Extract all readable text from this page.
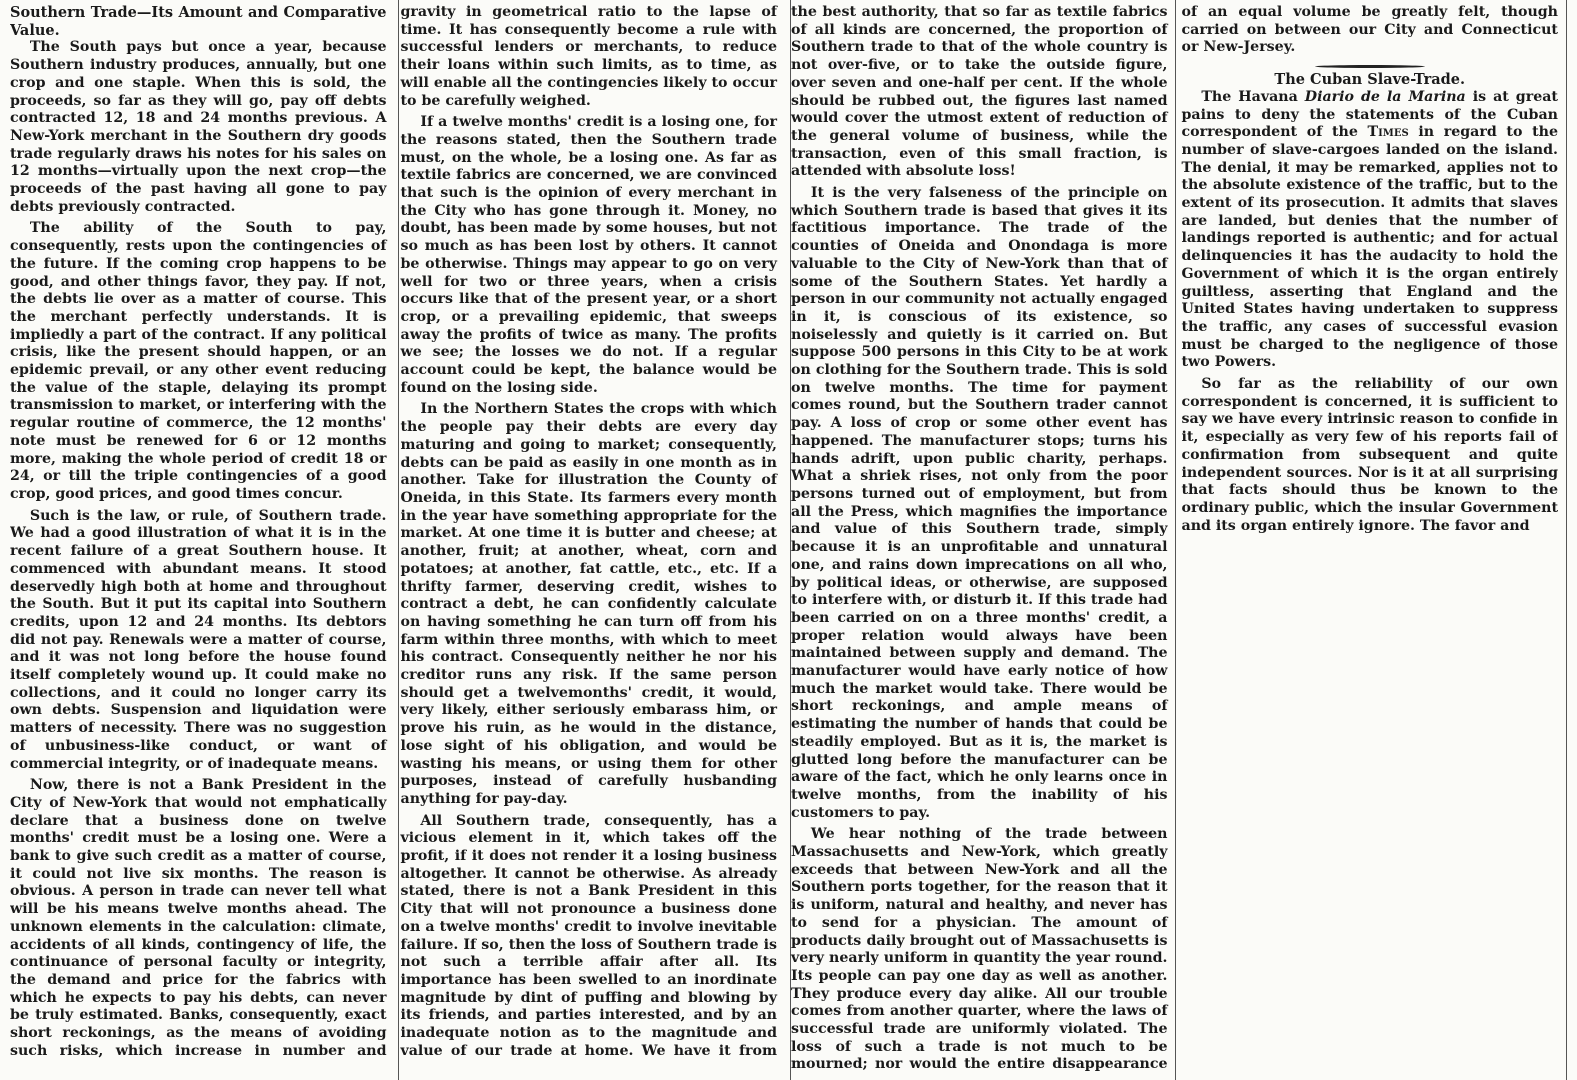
Southern Trade—Its Amount and Comparative Value.

The South pays but once a year, because Southern industry produces, annually, but one crop and one staple. When this is sold, the proceeds, so far as they will go, pay off debts contracted 12, 18 and 24 months previous. A New-York merchant in the Southern dry goods trade regularly draws his notes for his sales on 12 months—virtually upon the next crop—the proceeds of the past having all gone to pay debts previously contracted.

The ability of the South to pay, consequently, rests upon the contingencies of the future. If the coming crop happens to be good, and other things favor, they pay. If not, the debts lie over as a matter of course. This the merchant perfectly understands. It is impliedly a part of the contract. If any political crisis, like the present should happen, or an epidemic prevail, or any other event reducing the value of the staple, delaying its prompt transmission to market, or interfering with the regular routine of commerce, the 12 months' note must be renewed for 6 or 12 months more, making the whole period of credit 18 or 24, or till the triple contingencies of a good crop, good prices, and good times concur.

Such is the law, or rule, of Southern trade. We had a good illustration of what it is in the recent failure of a great Southern house. It commenced with abundant means. It stood deservedly high both at home and throughout the South. But it put its capital into Southern credits, upon 12 and 24 months. Its debtors did not pay. Renewals were a matter of course, and it was not long before the house found itself completely wound up. It could make no collections, and it could no longer carry its own debts. Suspension and liquidation were matters of necessity. There was no suggestion of unbusiness-like conduct, or want of commercial integrity, or of inadequate means.

Now, there is not a Bank President in the City of New-York that would not emphatically declare that a business done on twelve months' credit must be a losing one. Were a bank to give such credit as a matter of course, it could not live six months. The reason is obvious. A person in trade can never tell what will be his means twelve months ahead. The unknown elements in the calculation: climate, accidents of all kinds, contingency of life, the continuance of personal faculty or integrity, the demand and price for the fabrics with which he expects to pay his debts, can never be truly estimated. Banks, consequently, exact short reckonings, as the means of avoiding such risks, which increase in number and gravity in geometrical ratio to the lapse of time. It has consequently become a rule with successful lenders or merchants, to reduce their loans within such limits, as to time, as will enable all the contingencies likely to occur to be carefully weighed.

If a twelve months' credit is a losing one, for the reasons stated, then the Southern trade must, on the whole, be a losing one. As far as textile fabrics are concerned, we are convinced that such is the opinion of every merchant in the City who has gone through it. Money, no doubt, has been made by some houses, but not so much as has been lost by others. It cannot be otherwise. Things may appear to go on very well for two or three years, when a crisis occurs like that of the present year, or a short crop, or a prevailing epidemic, that sweeps away the profits of twice as many. The profits we see; the losses we do not. If a regular account could be kept, the balance would be found on the losing side.

In the Northern States the crops with which the people pay their debts are every day maturing and going to market; consequently, debts can be paid as easily in one month as in another. Take for illustration the County of Oneida, in this State. Its farmers every month in the year have something appropriate for the market. At one time it is butter and cheese; at another, fruit; at another, wheat, corn and potatoes; at another, fat cattle, etc., etc. If a thrifty farmer, deserving credit, wishes to contract a debt, he can confidently calculate on having something he can turn off from his farm within three months, with which to meet his contract. Consequently neither he nor his creditor runs any risk. If the same person should get a twelvemonths' credit, it would, very likely, either seriously embarass him, or prove his ruin, as he would in the distance, lose sight of his obligation, and would be wasting his means, or using them for other purposes, instead of carefully husbanding anything for pay-day.

All Southern trade, consequently, has a vicious element in it, which takes off the profit, if it does not render it a losing business altogether. It cannot be otherwise. As already stated, there is not a Bank President in this City that will not pronounce a business done on a twelve months' credit to involve inevitable failure. If so, then the loss of Southern trade is not such a terrible affair after all. Its importance has been swelled to an inordinate magnitude by dint of puffing and blowing by its friends, and parties interested, and by an inadequate notion as to the magnitude and value of our trade at home. We have it from the best authority, that so far as textile fabrics of all kinds are concerned, the proportion of Southern trade to that of the whole country is not over-five, or to take the outside figure, over seven and one-half per cent. If the whole should be rubbed out, the figures last named would cover the utmost extent of reduction of the general volume of business, while the transaction, even of this small fraction, is attended with absolute loss!

It is the very falseness of the principle on which Southern trade is based that gives it its factitious importance. The trade of the counties of Oneida and Onondaga is more valuable to the City of New-York than that of some of the Southern States. Yet hardly a person in our community not actually engaged in it, is conscious of its existence, so noiselessly and quietly is it carried on. But suppose 500 persons in this City to be at work on clothing for the Southern trade. This is sold on twelve months. The time for payment comes round, but the Southern trader cannot pay. A loss of crop or some other event has happened. The manufacturer stops; turns his hands adrift, upon public charity, perhaps. What a shriek rises, not only from the poor persons turned out of employment, but from all the Press, which magnifies the importance and value of this Southern trade, simply because it is an unprofitable and unnatural one, and rains down imprecations on all who, by political ideas, or otherwise, are supposed to interfere with, or disturb it. If this trade had been carried on on a three months' credit, a proper relation would always have been maintained between supply and demand. The manufacturer would have early notice of how much the market would take. There would be short reckonings, and ample means of estimating the number of hands that could be steadily employed. But as it is, the market is glutted long before the manufacturer can be aware of the fact, which he only learns once in twelve months, from the inability of his customers to pay.

We hear nothing of the trade between Massachusetts and New-York, which greatly exceeds that between New-York and all the Southern ports together, for the reason that it is uniform, natural and healthy, and never has to send for a physician. The amount of products daily brought out of Massachusetts is very nearly uniform in quantity the year round. Its people can pay one day as well as another. They produce every day alike. All our trouble comes from another quarter, where the laws of successful trade are uniformly violated. The loss of such a trade is not much to be mourned; nor would the entire disappearance of an equal volume be greatly felt, though carried on between our City and Connecticut or New-Jersey.

The Cuban Slave-Trade.

The Havana Diario de la Marina is at great pains to deny the statements of the Cuban correspondent of the Times in regard to the number of slave-cargoes landed on the island. The denial, it may be remarked, applies not to the absolute existence of the traffic, but to the extent of its prosecution. It admits that slaves are landed, but denies that the number of landings reported is authentic; and for actual delinquencies it has the audacity to hold the Government of which it is the organ entirely guiltless, asserting that England and the United States having undertaken to suppress the traffic, any cases of successful evasion must be charged to the negligence of those two Powers.

So far as the reliability of our own correspondent is concerned, it is sufficient to say we have every intrinsic reason to confide in it, especially as very few of his reports fail of confirmation from subsequent and quite independent sources. Nor is it at all surprising that facts should thus be known to the ordinary public, which the insular Government and its organ entirely ignore. The favor and
